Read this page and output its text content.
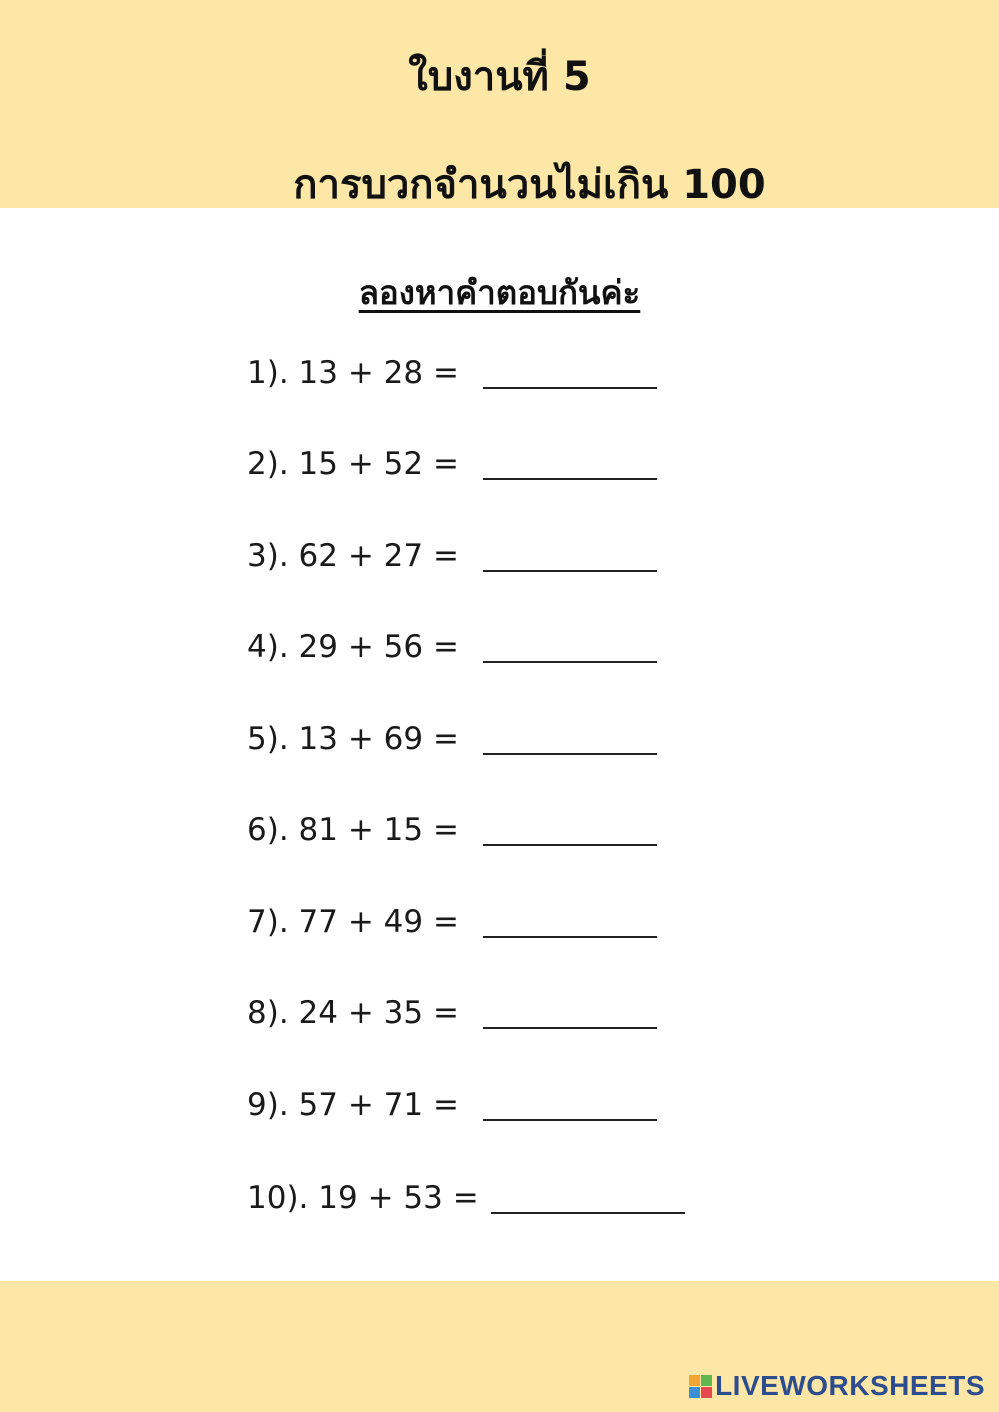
ใบงานที่ 5
การบวกจำนวนไม่เกิน 100
ลองหาคำตอบกันค่ะ
1).
13 + 28 =
2).
15 + 52 =
3).
62 + 27 =
4).
29 + 56 =
5).
13 + 69 =
6).
81 + 15 =
7).
77 + 49 =
8).
24 + 35 =
9).
57 + 71 =
10).
19 + 53 =
LIVEWORKSHEETS
